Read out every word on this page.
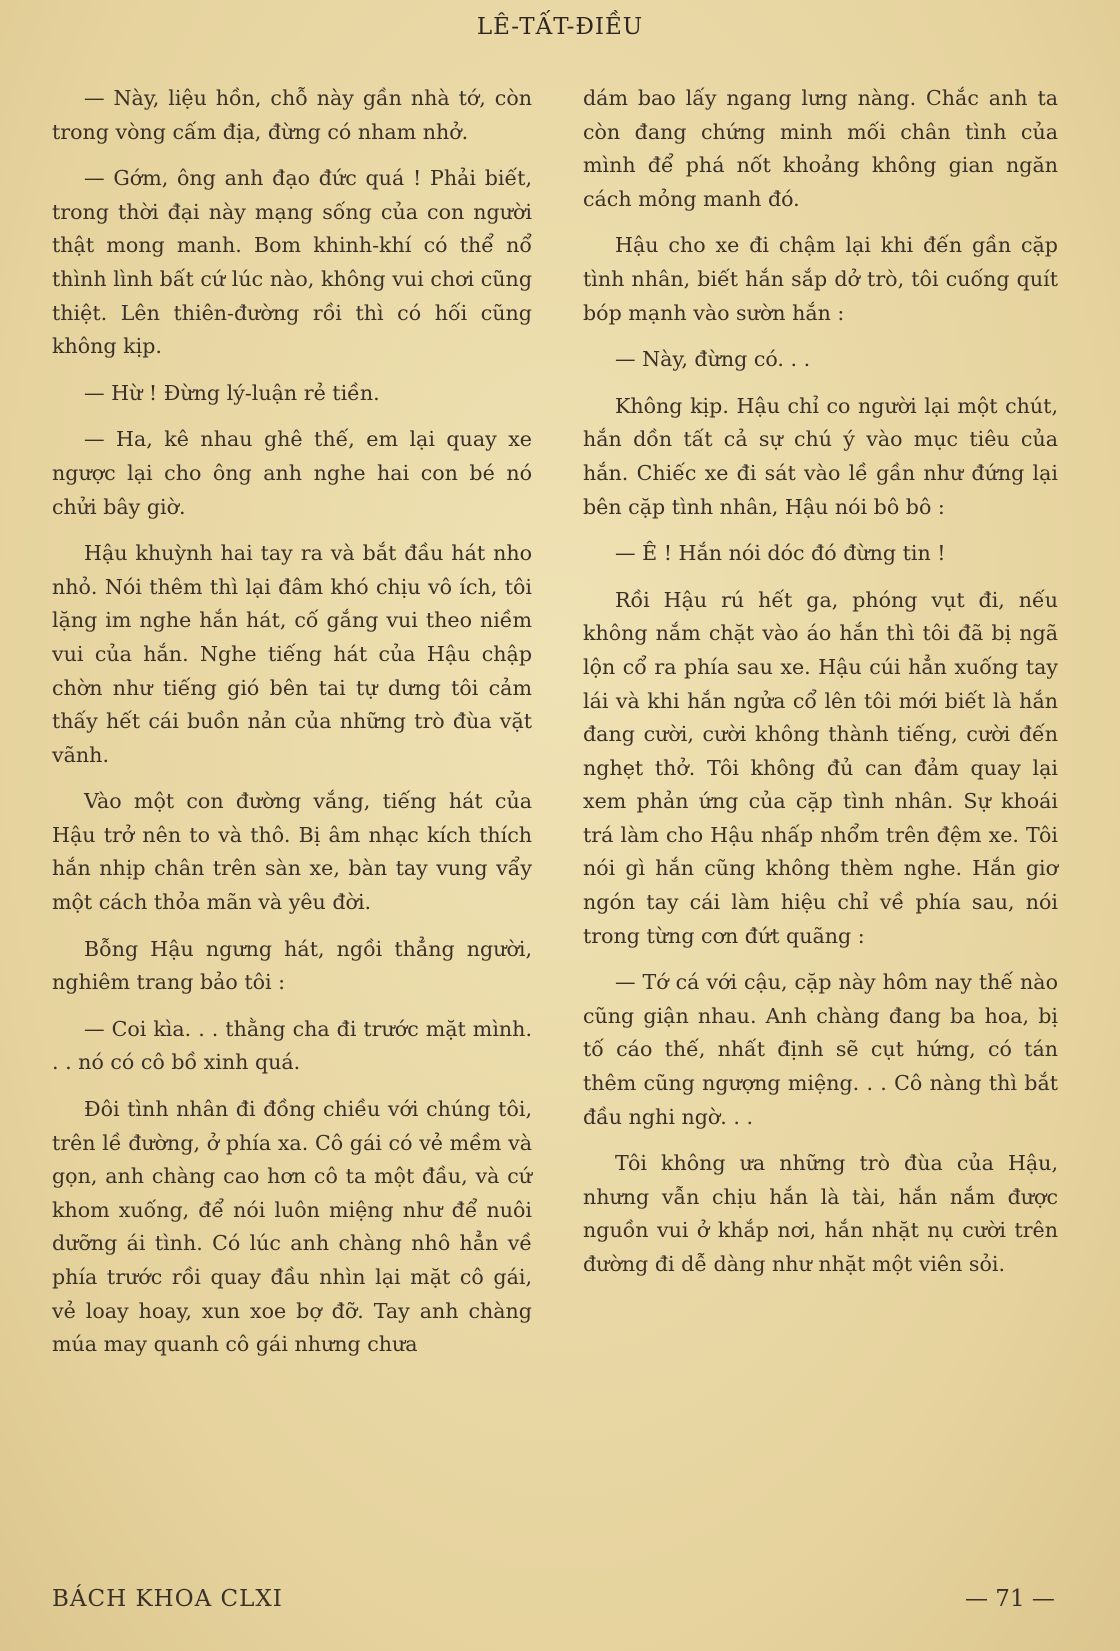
LÊ-TẤT-ĐIỀU

— Này, liệu hồn, chỗ này gần nhà tớ, còn trong vòng cấm địa, đừng có nham nhở.

— Gớm, ông anh đạo đức quá ! Phải biết, trong thời đại này mạng sống của con người thật mong manh. Bom khinh-khí có thể nổ thình lình bất cứ lúc nào, không vui chơi cũng thiệt. Lên thiên-đường rồi thì có hối cũng không kịp.

— Hừ ! Đừng lý-luận rẻ tiền.

— Ha, kê nhau ghê thế, em lại quay xe ngược lại cho ông anh nghe hai con bé nó chửi bây giờ.

Hậu khuỳnh hai tay ra và bắt đầu hát nho nhỏ. Nói thêm thì lại đâm khó chịu vô ích, tôi lặng im nghe hắn hát, cố gắng vui theo niềm vui của hắn. Nghe tiếng hát của Hậu chập chờn như tiếng gió bên tai tự dưng tôi cảm thấy hết cái buồn nản của những trò đùa vặt vãnh.

Vào một con đường vắng, tiếng hát của Hậu trở nên to và thô. Bị âm nhạc kích thích hắn nhịp chân trên sàn xe, bàn tay vung vẩy một cách thỏa mãn và yêu đời.

Bỗng Hậu ngưng hát, ngồi thẳng người, nghiêm trang bảo tôi :

— Coi kìa. . . thằng cha đi trước mặt mình. . . nó có cô bồ xinh quá.

Đôi tình nhân đi đồng chiều với chúng tôi, trên lề đường, ở phía xa. Cô gái có vẻ mềm và gọn, anh chàng cao hơn cô ta một đầu, và cứ khom xuống, để nói luôn miệng như để nuôi dưỡng ái tình. Có lúc anh chàng nhô hẳn về phía trước rồi quay đầu nhìn lại mặt cô gái, vẻ loay hoay, xun xoe bợ đỡ. Tay anh chàng múa may quanh cô gái nhưng chưa

dám bao lấy ngang lưng nàng. Chắc anh ta còn đang chứng minh mối chân tình của mình để phá nốt khoảng không gian ngăn cách mỏng manh đó.

Hậu cho xe đi chậm lại khi đến gần cặp tình nhân, biết hắn sắp dở trò, tôi cuống quít bóp mạnh vào sườn hắn :

— Này, đừng có. . .

Không kịp. Hậu chỉ co người lại một chút, hắn dồn tất cả sự chú ý vào mục tiêu của hắn. Chiếc xe đi sát vào lề gần như đứng lại bên cặp tình nhân, Hậu nói bô bô :

— Ê ! Hắn nói dóc đó đừng tin !

Rồi Hậu rú hết ga, phóng vụt đi, nếu không nắm chặt vào áo hắn thì tôi đã bị ngã lộn cổ ra phía sau xe. Hậu cúi hẳn xuống tay lái và khi hắn ngửa cổ lên tôi mới biết là hắn đang cười, cười không thành tiếng, cười đến nghẹt thở. Tôi không đủ can đảm quay lại xem phản ứng của cặp tình nhân. Sự khoái trá làm cho Hậu nhấp nhổm trên đệm xe. Tôi nói gì hắn cũng không thèm nghe. Hắn giơ ngón tay cái làm hiệu chỉ về phía sau, nói trong từng cơn đứt quãng :

— Tớ cá với cậu, cặp này hôm nay thế nào cũng giận nhau. Anh chàng đang ba hoa, bị tố cáo thế, nhất định sẽ cụt hứng, có tán thêm cũng ngượng miệng. . . Cô nàng thì bắt đầu nghi ngờ. . .

Tôi không ưa những trò đùa của Hậu, nhưng vẫn chịu hắn là tài, hắn nắm được nguồn vui ở khắp nơi, hắn nhặt nụ cười trên đường đi dễ dàng như nhặt một viên sỏi.

BÁCH KHOA CLXI	— 71 —
